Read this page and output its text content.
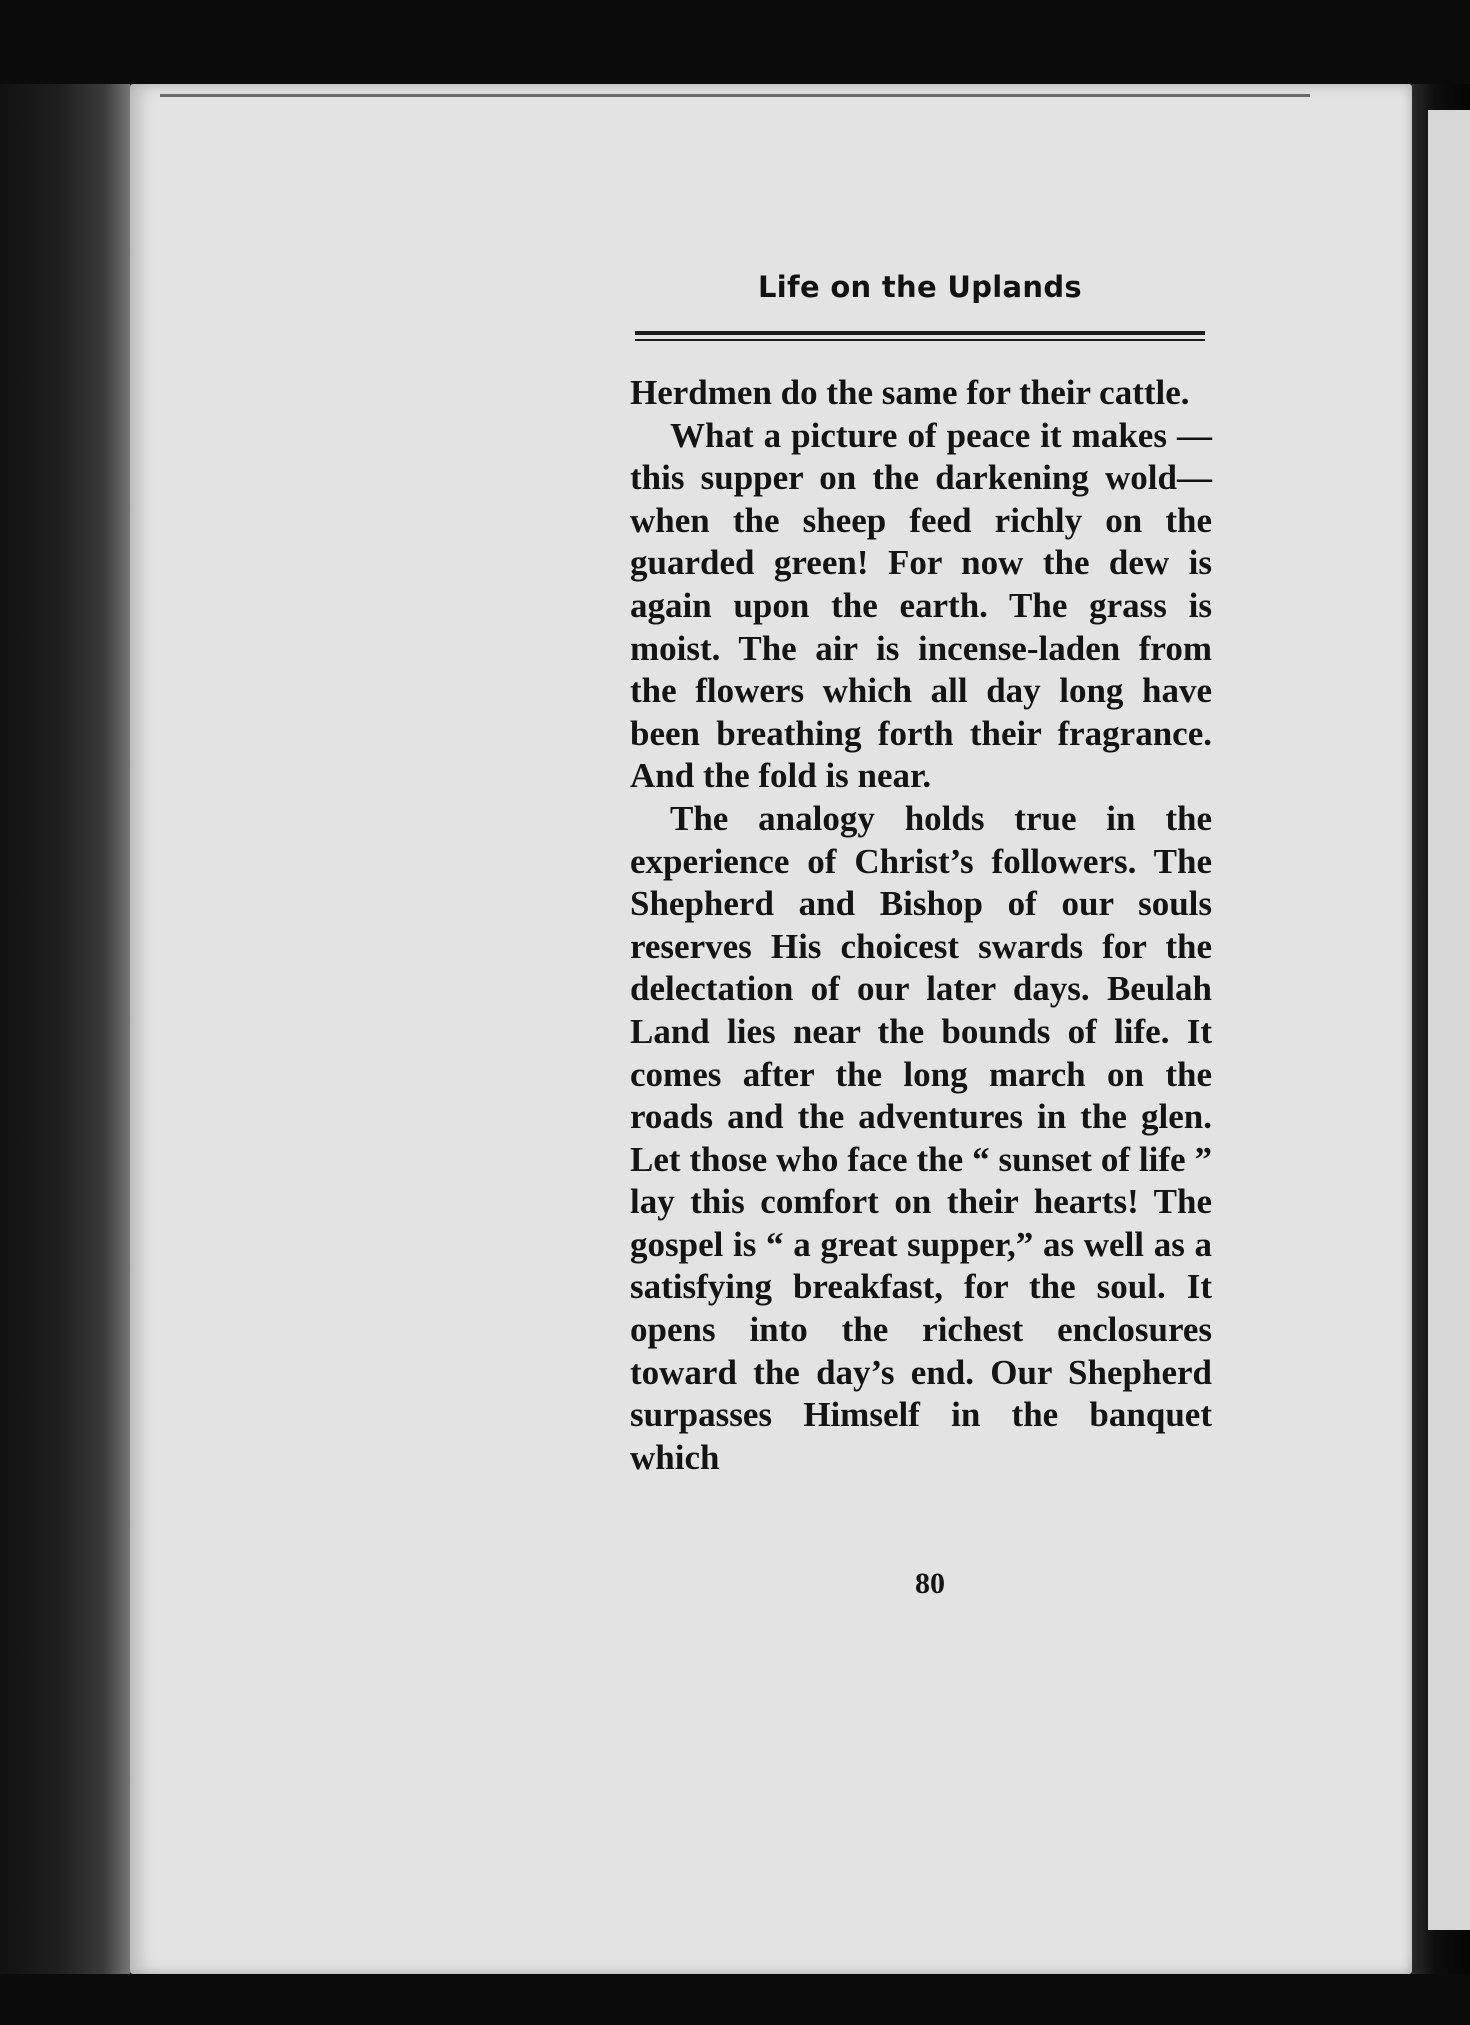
Life on the Uplands

Herdmen do the same for their cattle.

What a picture of peace it makes —this supper on the darkening wold—when the sheep feed richly on the guarded green! For now the dew is again upon the earth. The grass is moist. The air is incense-laden from the flowers which all day long have been breathing forth their fragrance. And the fold is near.

The analogy holds true in the experience of Christ’s followers. The Shepherd and Bishop of our souls reserves His choicest swards for the delectation of our later days. Beulah Land lies near the bounds of life. It comes after the long march on the roads and the adventures in the glen. Let those who face the “ sunset of life ” lay this comfort on their hearts! The gospel is “ a great supper,” as well as a satisfying breakfast, for the soul. It opens into the richest enclosures toward the day’s end. Our Shepherd surpasses Himself in the banquet which

80
